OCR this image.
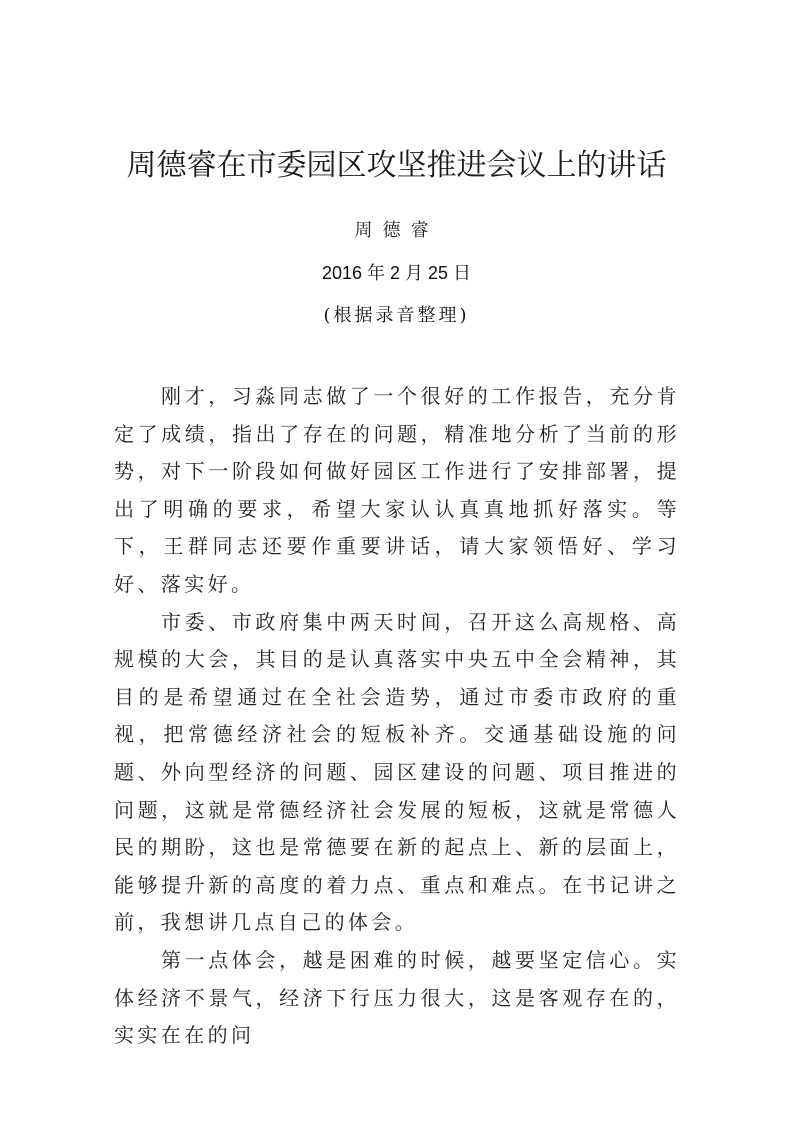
周德睿在市委园区攻坚推进会议上的讲话
周德睿
2016 年 2 月 25 日
(根据录音整理)

刚才，习淼同志做了一个很好的工作报告，充分肯定了成绩，指出了存在的问题，精准地分析了当前的形势，对下一阶段如何做好园区工作进行了安排部署，提出了明确的要求，希望大家认认真真地抓好落实。等下，王群同志还要作重要讲话，请大家领悟好、学习好、落实好。

市委、市政府集中两天时间，召开这么高规格、高规模的大会，其目的是认真落实中央五中全会精神，其目的是希望通过在全社会造势，通过市委市政府的重视，把常德经济社会的短板补齐。交通基础设施的问题、外向型经济的问题、园区建设的问题、项目推进的问题，这就是常德经济社会发展的短板，这就是常德人民的期盼，这也是常德要在新的起点上、新的层面上，能够提升新的高度的着力点、重点和难点。在书记讲之前，我想讲几点自己的体会。

第一点体会，越是困难的时候，越要坚定信心。实体经济不景气，经济下行压力很大，这是客观存在的，实实在在的问
